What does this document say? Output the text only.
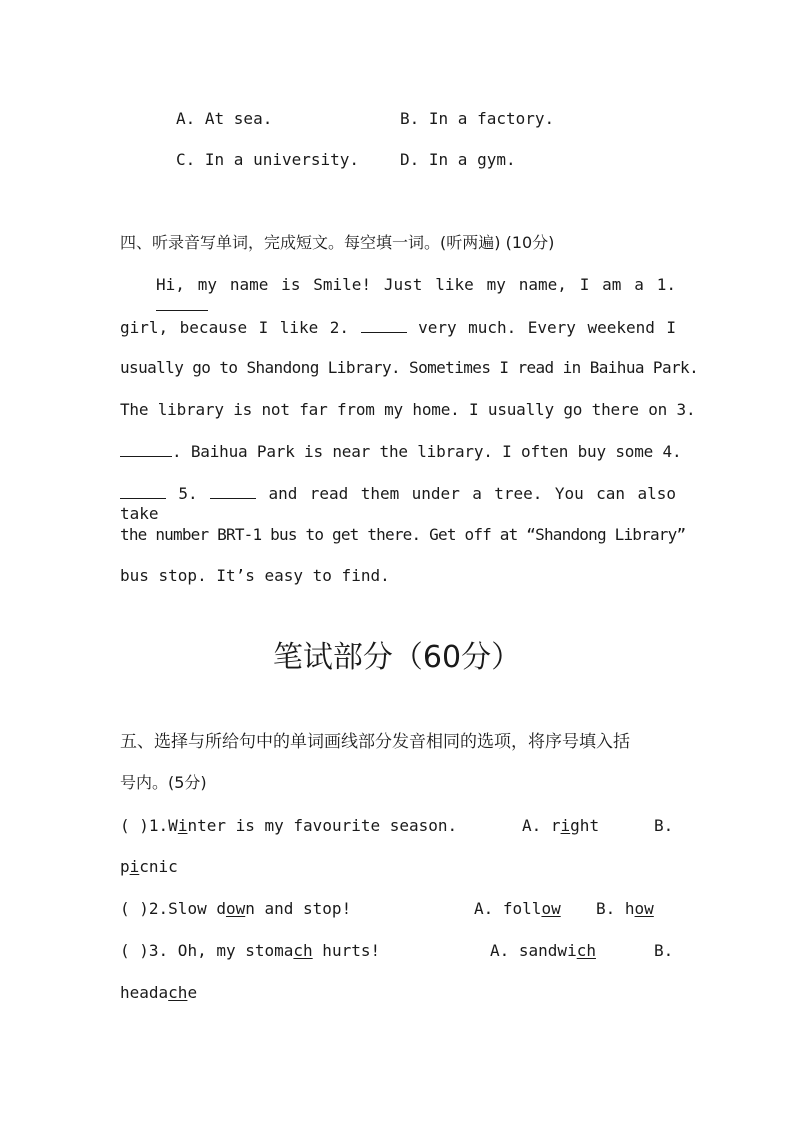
A. At sea.	B. In a factory.
C. In a university.	D. In a gym.
四、听录音写单词，完成短文。每空填一词。(听两遍) (10分)
Hi, my name is Smile! Just like my name, I am a 1.
girl, because I like 2.	very much. Every weekend I
usually go to Shandong Library. Sometimes I read in Baihua Park.
The library is not far from my home. I usually go there on 3.
. Baihua Park is near the library. I often buy some 4.
5.	and read them under a tree. You can also take
the number BRT-1 bus to get there. Get off at “Shandong Library”
bus stop. It’s easy to find.
笔试部分（60分）
五、选择与所给句中的单词画线部分发音相同的选项，将序号填入括
号内。(5分)
( )1.Winter is my favourite season.	A. right	B.
picnic
( )2.Slow down and stop!	A. follow B. how
( )3. Oh, my stomach hurts!	A. sandwich	B.
headache
